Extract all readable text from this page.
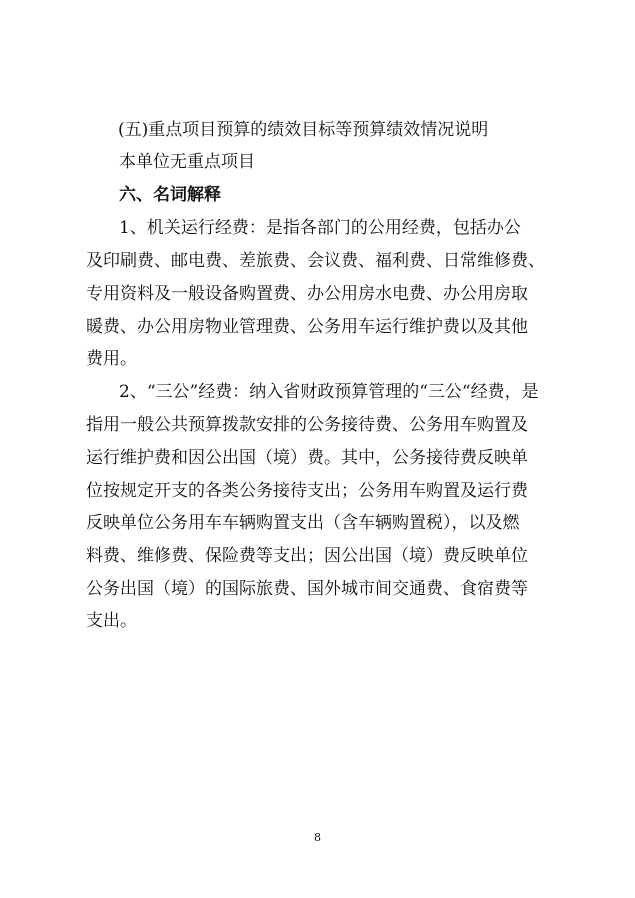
(五)重点项目预算的绩效目标等预算绩效情况说明
本单位无重点项目
六、名词解释
1、机关运行经费：是指各部门的公用经费，包括办公
及印刷费、邮电费、差旅费、会议费、福利费、日常维修费、
专用资料及一般设备购置费、办公用房水电费、办公用房取
暖费、办公用房物业管理费、公务用车运行维护费以及其他
费用。
2、“三公”经费：纳入省财政预算管理的“三公“经费，是
指用一般公共预算拨款安排的公务接待费、公务用车购置及
运行维护费和因公出国（境）费。其中，公务接待费反映单
位按规定开支的各类公务接待支出；公务用车购置及运行费
反映单位公务用车车辆购置支出（含车辆购置税），以及燃
料费、维修费、保险费等支出；因公出国（境）费反映单位
公务出国（境）的国际旅费、国外城市间交通费、食宿费等
支出。
8
